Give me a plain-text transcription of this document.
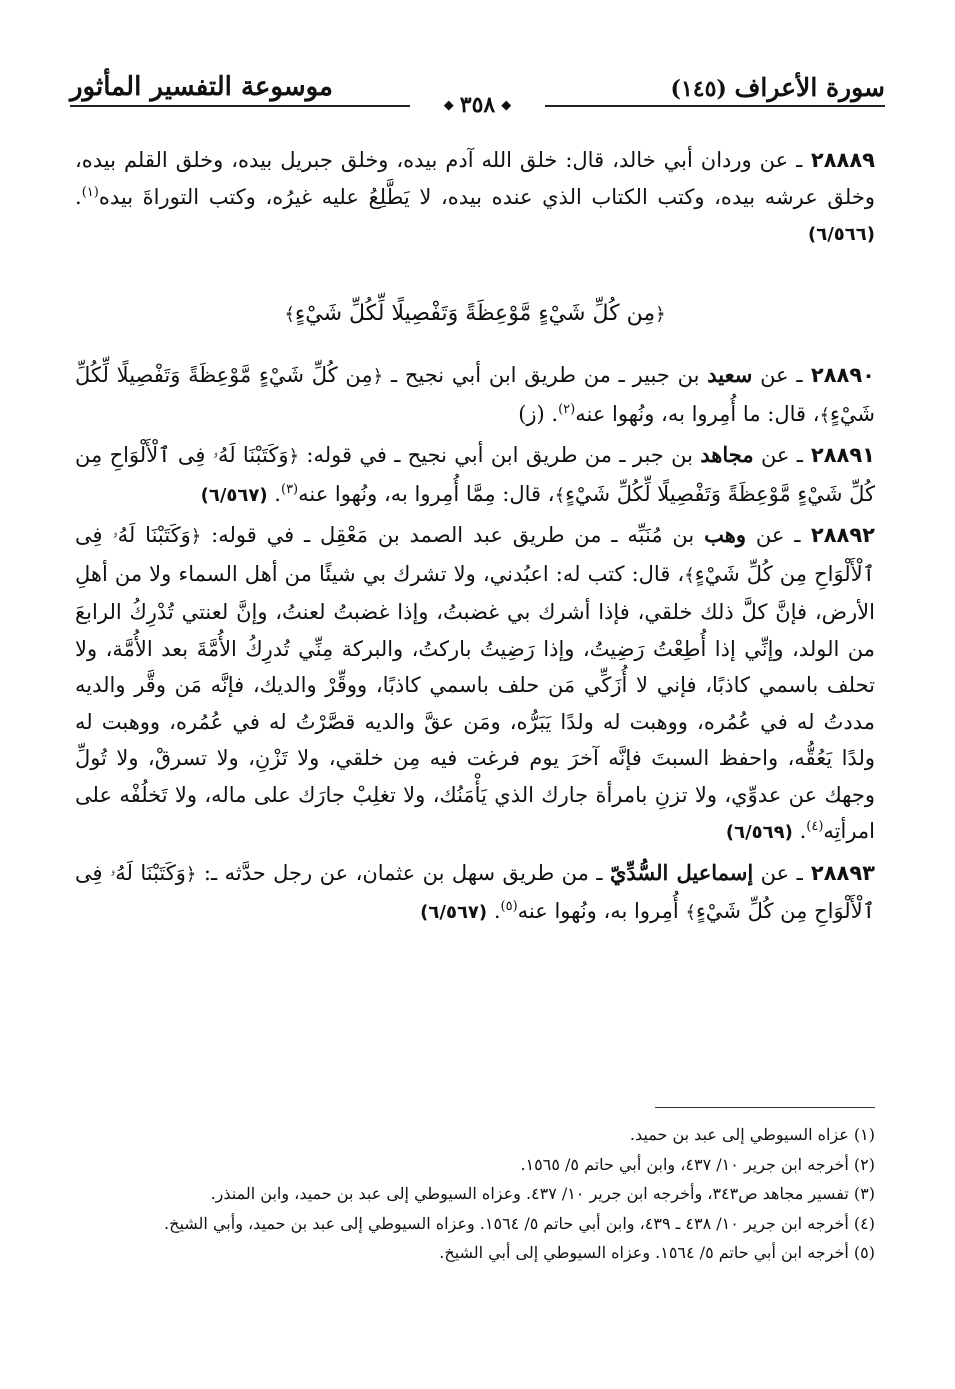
موسوعة التفسير المأثور	سورة الأعراف (١٤٥)
◆
٣٥٨
◆

٢٨٨٨٩ـ عن وردان أبي خالد، قال: خلق الله آدم بيده، وخلق جبريل بيده، وخلق القلم بيده، وخلق عرشه بيده، وكتب الكتاب الذي عنده بيده، لا يَطَّلِعُ عليه غيرُه، وكتب التوراةَ بيده$^{(١)}$. (٦/٥٦٦)

﴿مِن كُلِّ شَيْءٍ مَّوْعِظَةً وَتَفْصِيلًا لِّكُلِّ شَيْءٍ﴾

٢٨٨٩٠ـ عن سعيد بن جبير ـ من طريق ابن أبي نجيح ـ ﴿مِن كُلِّ شَيْءٍ مَّوْعِظَةً وَتَفْصِيلًا لِّكُلِّ شَيْءٍ﴾، قال: ما أُمِروا به، ونُهوا عنه$^{(٢)}$. (ز)

٢٨٨٩١ـ عن مجاهد بن جبر ـ من طريق ابن أبي نجيح ـ في قوله: ﴿وَكَتَبْنَا لَهُۥ فِى ٱلْأَلْوَاحِ مِن كُلِّ شَيْءٍ مَّوْعِظَةً وَتَفْصِيلًا لِّكُلِّ شَيْءٍ﴾، قال: مِمَّا أُمِروا به، ونُهوا عنه$^{(٣)}$. (٦/٥٦٧)

٢٨٨٩٢ـ عن وهب بن مُنَبِّه ـ من طريق عبد الصمد بن مَعْقِل ـ في قوله: ﴿وَكَتَبْنَا لَهُۥ فِى ٱلْأَلْوَاحِ مِن كُلِّ شَيْءٍ﴾، قال: كتب له: اعبُدني، ولا تشرك بي شيئًا من أهل السماء ولا من أهلِ الأرض، فإنَّ كلَّ ذلك خلقي، فإذا أشرك بي غضبتُ، وإذا غضبتُ لعنتُ، وإنَّ لعنتي تُدْرِكُ الرابعَ من الولد، وإنِّي إذا أُطِعْتُ رَضِيتُ، وإذا رَضِيتُ باركتُ، والبركة مِنِّي تُدرِكُ الأُمَّةَ بعد الأُمَّة، ولا تحلف باسمي كاذبًا، فإني لا أُزَكِّي مَن حلف باسمي كاذبًا، ووقِّرْ والديك، فإنَّه مَن وقَّر والديه مددتُ له في عُمُره، ووهبت له ولدًا يَبَرُّه، ومَن عقَّ والديه قصَّرْتُ له في عُمُره، ووهبت له ولدًا يَعُقُّه، واحفظ السبتَ فإنَّه آخرَ يوم فرغت فيه مِن خلقي، ولا تَزْنِ، ولا تسرقْ، ولا تُولِّ وجهك عن عدوِّي، ولا تزنِ بامرأة جارك الذي يَأْمَنُك، ولا تغلِبْ جارَك على ماله، ولا تَخلُفْه على امرأتِه$^{(٤)}$. (٦/٥٦٩)

٢٨٨٩٣ـ عن إسماعيل السُّدِّيّ ـ من طريق سهل بن عثمان، عن رجل حدَّثه ـ: ﴿وَكَتَبْنَا لَهُۥ فِى ٱلْأَلْوَاحِ مِن كُلِّ شَيْءٍ﴾ أُمِروا به، ونُهوا عنه$^{(٥)}$. (٦/٥٦٧)

(١) عزاه السيوطي إلى عبد بن حميد.

(٢) أخرجه ابن جرير ١٠/ ٤٣٧، وابن أبي حاتم ٥/ ١٥٦٥.

(٣) تفسير مجاهد ص٣٤٣، وأخرجه ابن جرير ١٠/ ٤٣٧. وعزاه السيوطي إلى عبد بن حميد، وابن المنذر.

(٤) أخرجه ابن جرير ١٠/ ٤٣٨ ـ ٤٣٩، وابن أبي حاتم ٥/ ١٥٦٤. وعزاه السيوطي إلى عبد بن حميد، وأبي الشيخ.

(٥) أخرجه ابن أبي حاتم ٥/ ١٥٦٤. وعزاه السيوطي إلى أبي الشيخ.
